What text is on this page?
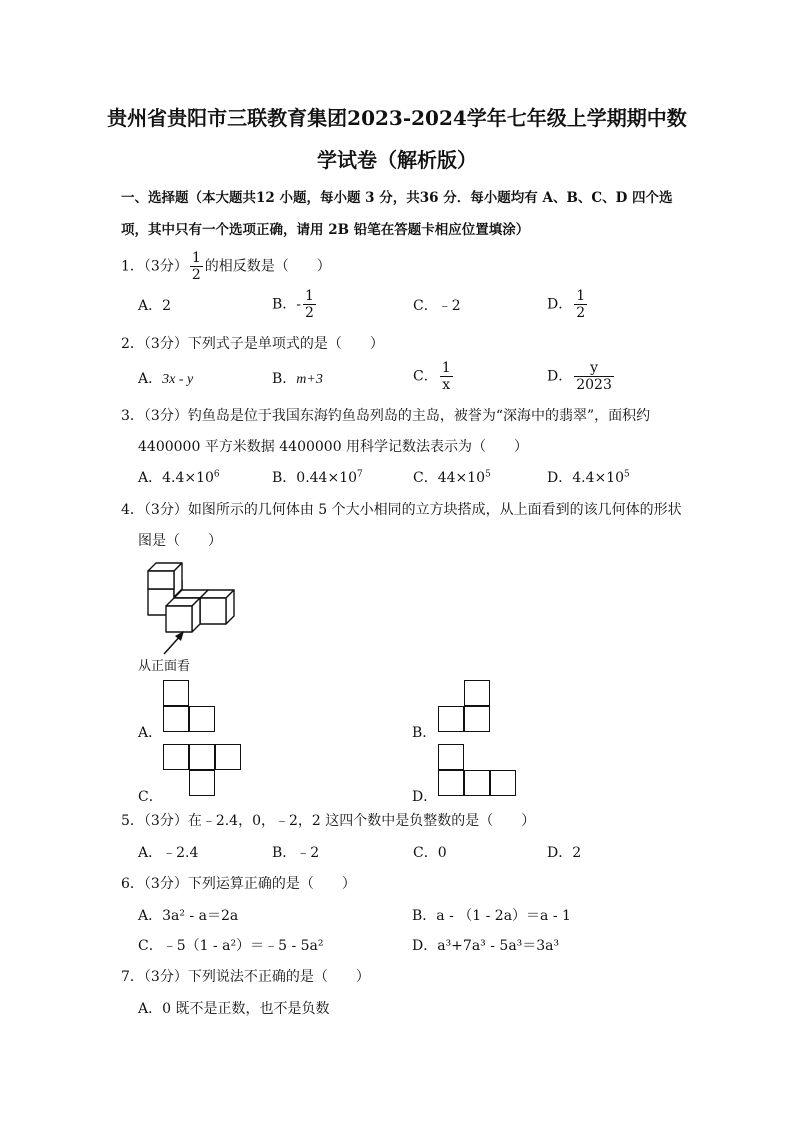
贵州省贵阳市三联教育集团2023-2024学年七年级上学期期中数
学试卷（解析版）
一、选择题（本大题共12 小题，每小题 3 分，共36 分．每小题均有 A、B、C、D 四个选
项，其中只有一个选项正确，请用 2B 铅笔在答题卡相应位置填涂）
1．（3分） $\frac{1}{2}$ 的相反数是（　　）
A．2	B．- $\frac{1}{2}$	C．﹣2	D． $\frac{1}{2}$
2．（3分）下列式子是单项式的是（　　）
A．3x - y	B．m+3	C． $\frac{1}{x}$	D． $\frac{y}{2023}$
3．（3分）钓鱼岛是位于我国东海钓鱼岛列岛的主岛，被誉为“深海中的翡翠”，面积约
4400000 平方米数据 4400000 用科学记数法表示为（　　）
A．$4.4\times 10^6$	B．$0.44\times 10^7$	C．$44\times 10^5$	D．$4.4\times 10^5$
4．（3分）如图所示的几何体由 5 个大小相同的立方块搭成，从上面看到的该几何体的形状
图是（　　）
从正面看
A．	B．
C．	D．
5．（3分）在﹣2.4，0，﹣2，2 这四个数中是负整数的是（　　）
A．﹣2.4	B．﹣2	C．0	D．2
6．（3分）下列运算正确的是（　　）
A．3a² - a＝2a	B．a - （1 - 2a）＝a - 1
C．﹣5（1 - a²）＝﹣5 - 5a²	D．a³+7a³ - 5a³＝3a³
7．（3分）下列说法不正确的是（　　）
A．0 既不是正数，也不是负数
